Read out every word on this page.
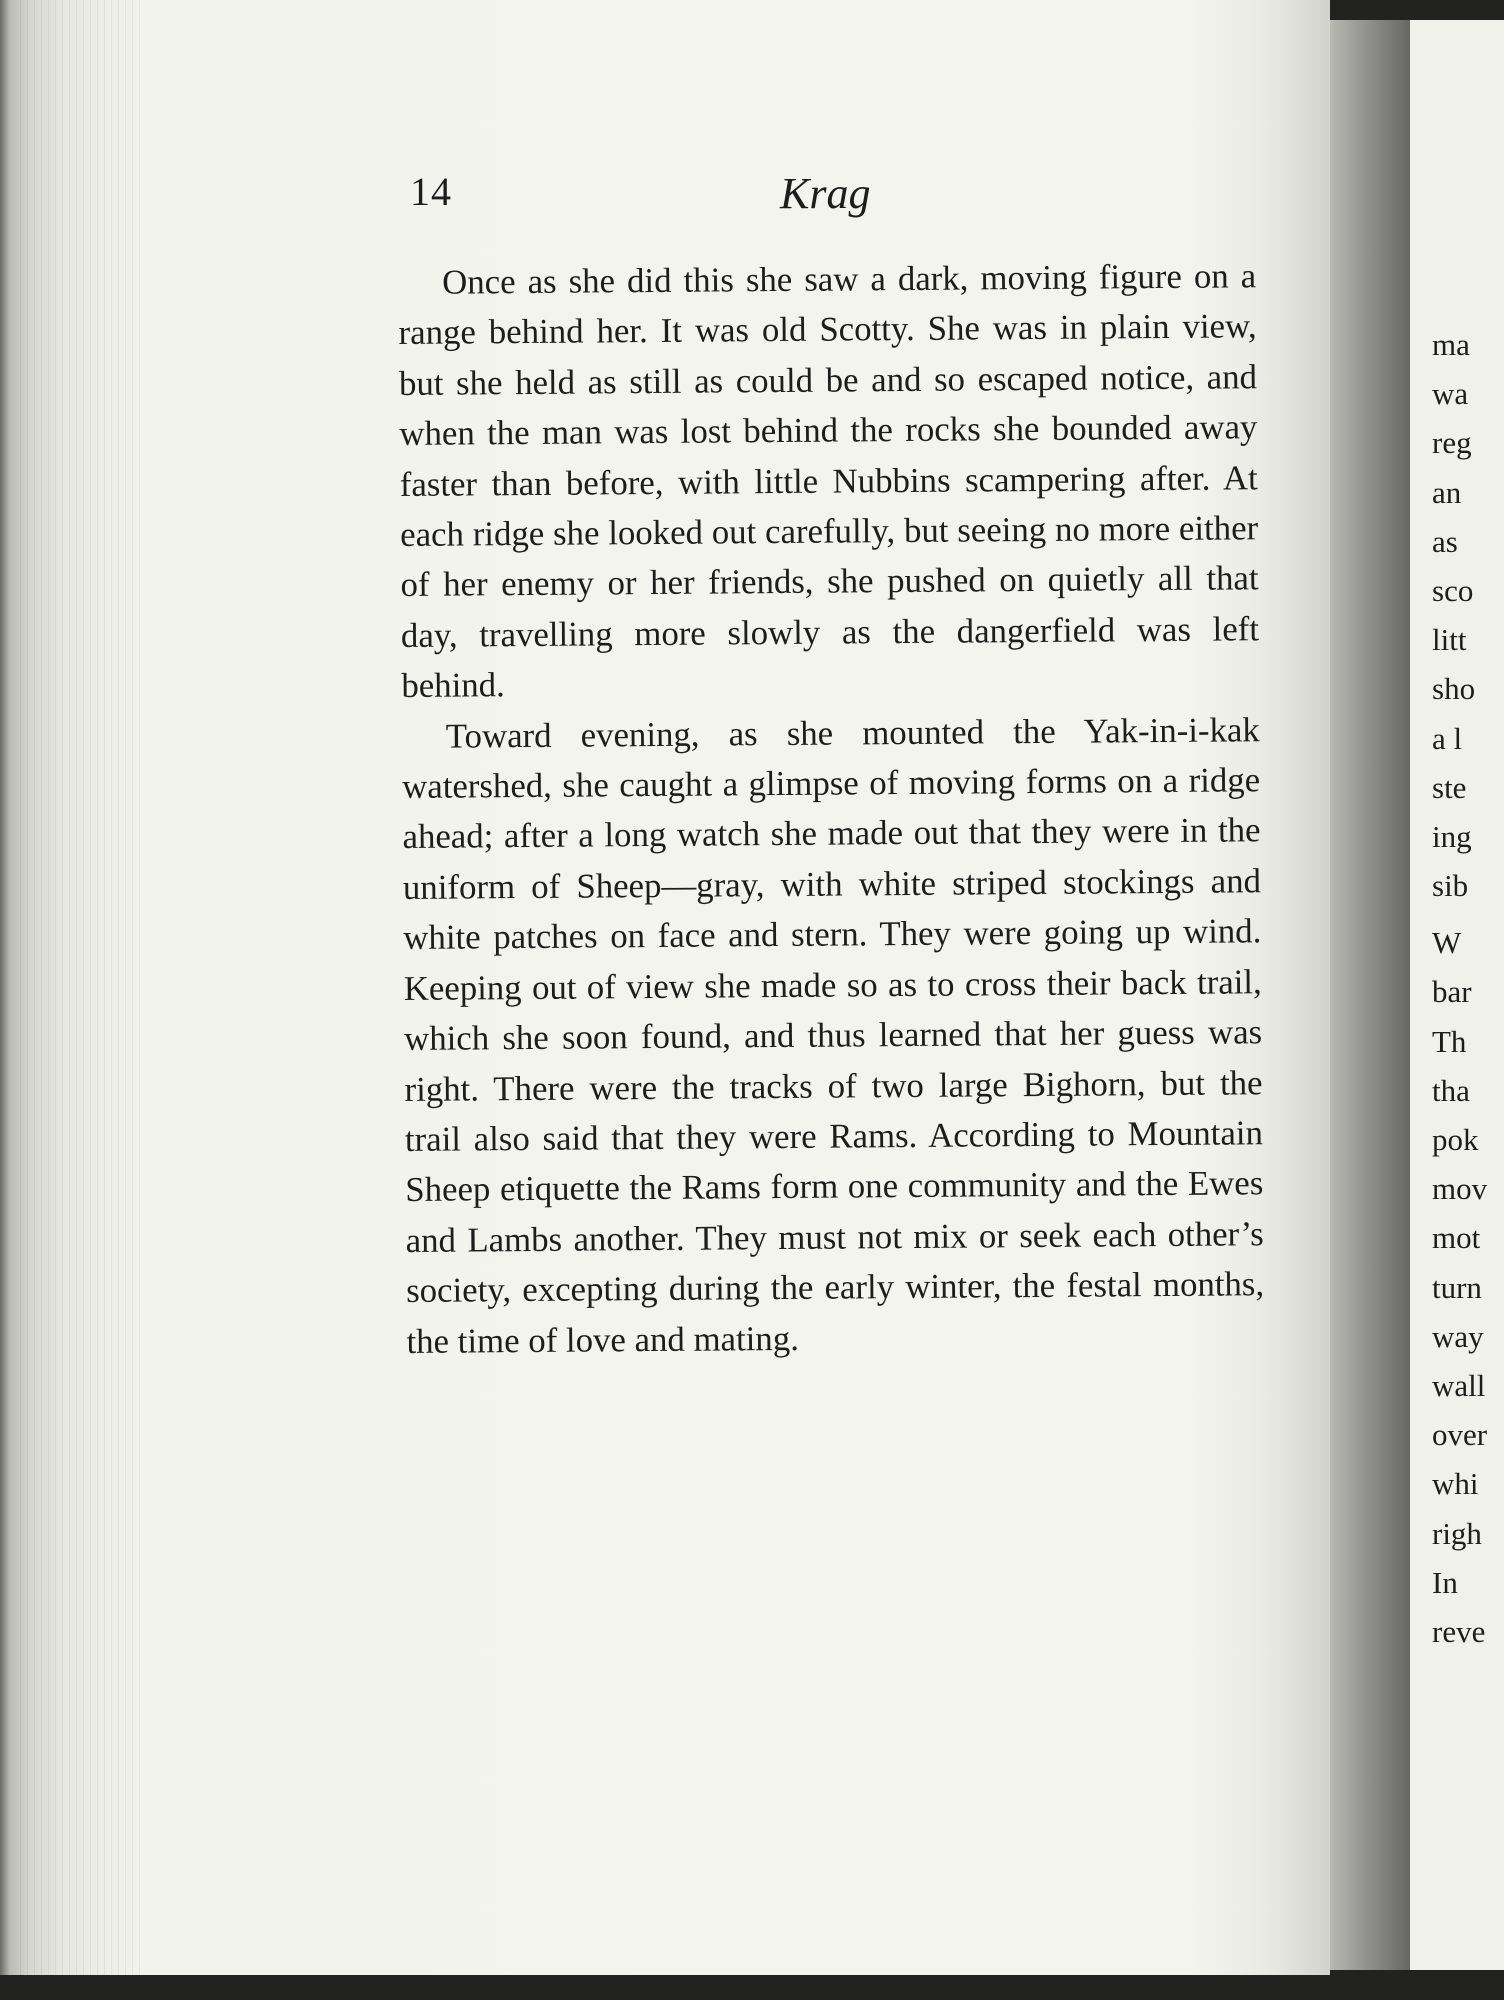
14	Krag

Once as she did this she saw a dark, moving figure on a range behind her. It was old Scotty. She was in plain view, but she held as still as could be and so escaped notice, and when the man was lost behind the rocks she bounded away faster than before, with little Nubbins scampering after. At each ridge she looked out carefully, but seeing no more either of her enemy or her friends, she pushed on quietly all that day, travelling more slowly as the dangerfield was left behind.

Toward evening, as she mounted the Yak-in-i-kak watershed, she caught a glimpse of moving forms on a ridge ahead; after a long watch she made out that they were in the uniform of Sheep—gray, with white striped stockings and white patches on face and stern. They were going up wind. Keeping out of view she made so as to cross their back trail, which she soon found, and thus learned that her guess was right. There were the tracks of two large Bighorn, but the trail also said that they were Rams. According to Mountain Sheep etiquette the Rams form one community and the Ewes and Lambs another. They must not mix or seek each other’s society, excepting during the early winter, the festal months, the time of love and mating.

ma
wa
reg
an
as
sco
litt
sho
a l
ste
ing
sib
W
bar
Th
tha
pok
mov
mot
turn
way
wall
over
whi
righ
In
reve
